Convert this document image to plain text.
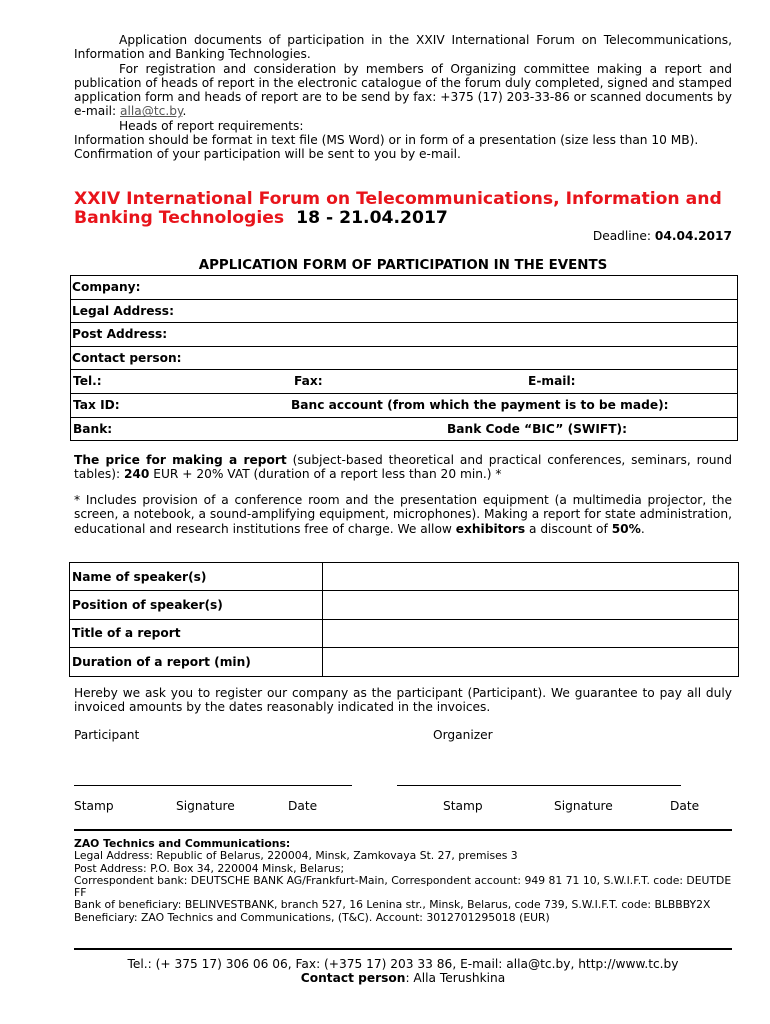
Application documents of participation in the XXIV International Forum on Telecommunications, Information and Banking Technologies.

For registration and consideration by members of Organizing committee making a report and publication of heads of report in the electronic catalogue of the forum duly completed, signed and stamped application form and heads of report are to be send by fax: +375 (17) 203-33-86 or scanned documents by e-mail: alla@tc.by.

Heads of report requirements:

Information should be format in text file (MS Word) or in form of a presentation (size less than 10 MB).

Confirmation of your participation will be sent to you by e-mail.

XXIV International Forum on Telecommunications, Information and Banking Technologies 18 - 21.04.2017
Deadline: 04.04.2017
APPLICATION FORM OF PARTICIPATION IN THE EVENTS
Company:
Legal Address:
Post Address:
Contact person:

Tel.:	Fax:	E-mail:

Tax ID:	Banc account (from which the payment is to be made):

Bank:	Bank Code “BIC” (SWIFT):
The price for making a report (subject-based theoretical and practical conferences, seminars, round tables): 240 EUR + 20% VAT (duration of a report less than 20 min.) *
* Includes provision of a conference room and the presentation equipment (a multimedia projector, the screen, a notebook, a sound-amplifying equipment, microphones). Making a report for state administration, educational and research institutions free of charge. We allow exhibitors a discount of 50%.
Name of speaker(s)	
Position of speaker(s)	
Title of a report	
Duration of a report (min)	
Hereby we ask you to register our company as the participant (Participant). We guarantee to pay all duly invoiced amounts by the dates reasonably indicated in the invoices.
Participant	Organizer
Stamp	Signature	Date	Stamp	Signature	Date

ZAO Technics and Communications:

Legal Address: Republic of Belarus, 220004, Minsk, Zamkovaya St. 27, premises 3

Post Address: P.O. Box 34, 220004 Minsk, Belarus;

Correspondent bank: DEUTSCHE BANK AG/Frankfurt-Main, Correspondent account: 949 81 71 10, S.W.I.F.T. code: DEUTDE FF

Bank of beneficiary: BELINVESTBANK, branch 527, 16 Lenina str., Minsk, Belarus, code 739, S.W.I.F.T. code: BLBBBY2X

Beneficiary: ZAO Technics and Communications, (T&C). Account: 3012701295018 (EUR)

Tel.: (+ 375 17) 306 06 06, Fax: (+375 17) 203 33 86, E-mail: alla@tc.by, http://www.tc.by
Contact person: Alla Terushkina
